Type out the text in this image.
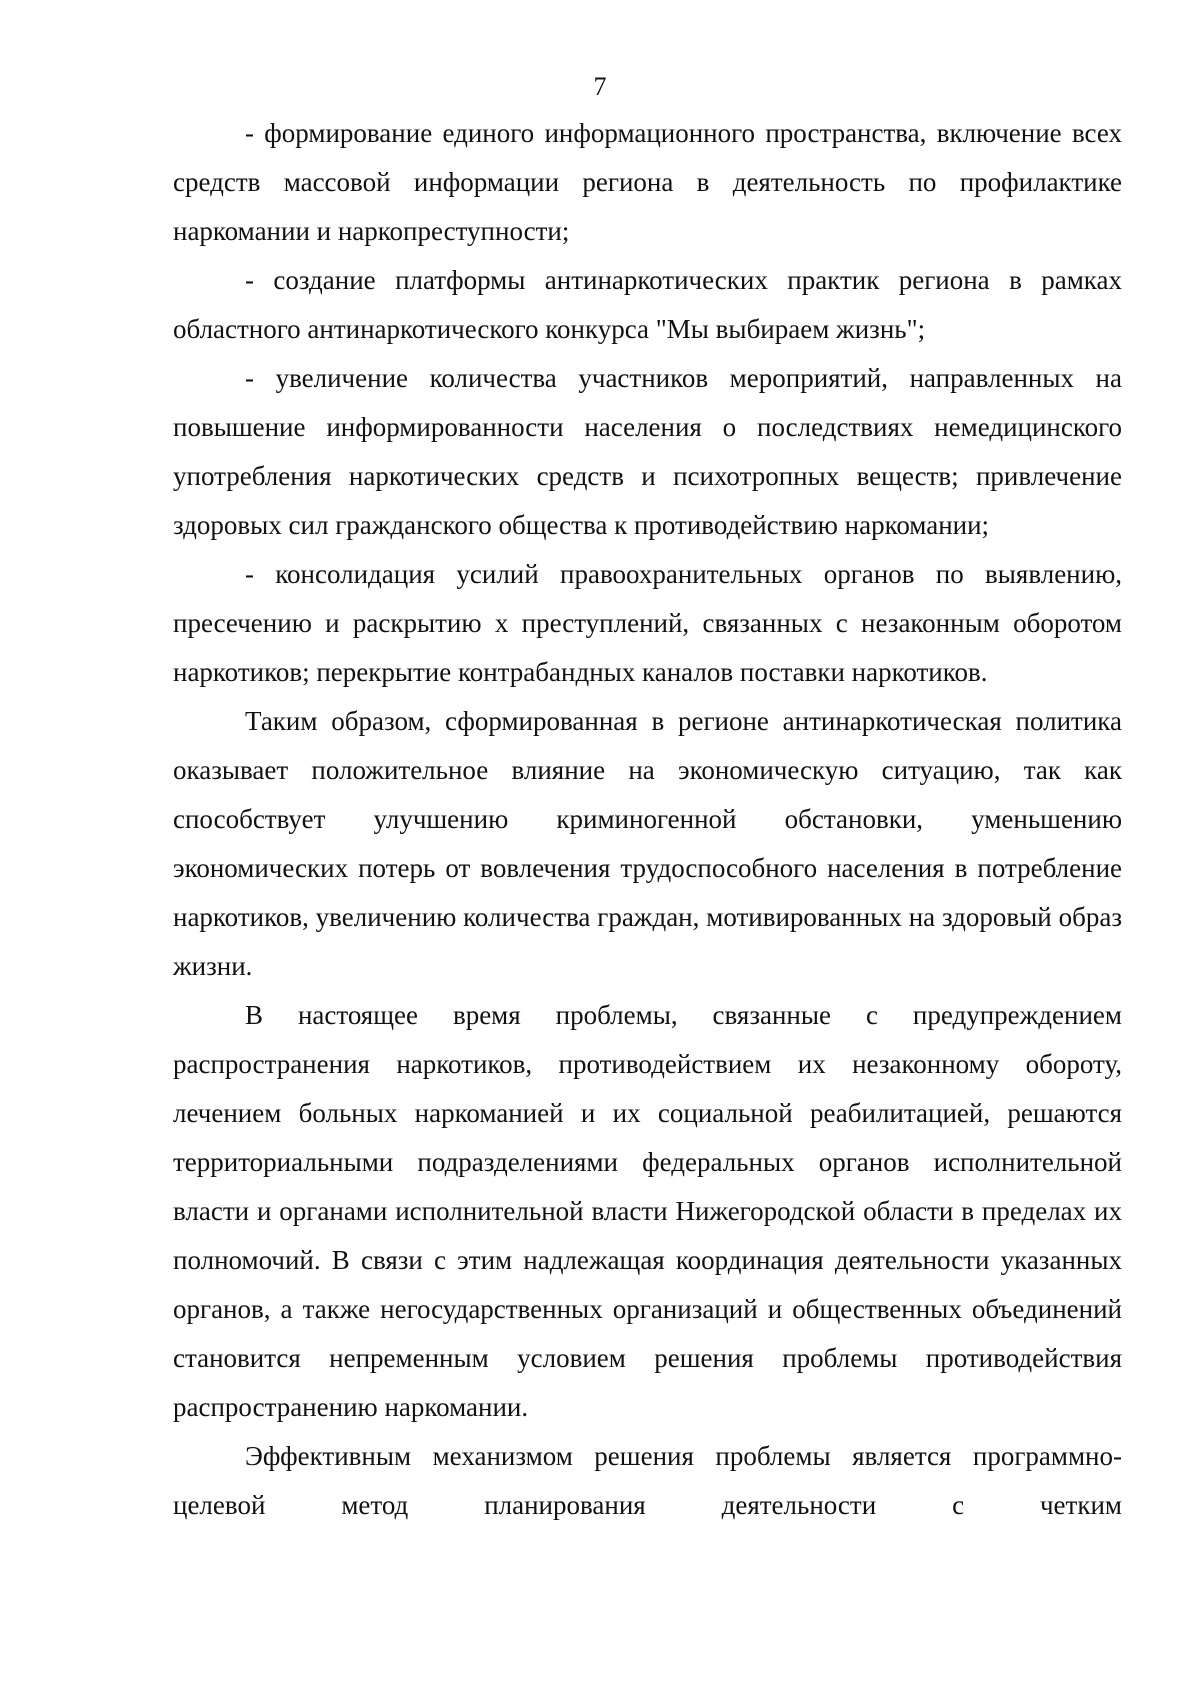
7

- формирование единого информационного пространства, включение всех средств массовой информации региона в деятельность по профилактике наркомании и наркопреступности;

- создание платформы антинаркотических практик региона в рамках областного антинаркотического конкурса "Мы выбираем жизнь";

- увеличение количества участников мероприятий, направленных на повышение информированности населения о последствиях немедицинского употребления наркотических средств и психотропных веществ; привлечение здоровых сил гражданского общества к противодействию наркомании;

- консолидация усилий правоохранительных органов по выявлению, пресечению и раскрытию х преступлений, связанных с незаконным оборотом наркотиков; перекрытие контрабандных каналов поставки наркотиков.

Таким образом, сформированная в регионе антинаркотическая политика оказывает положительное влияние на экономическую ситуацию, так как способствует улучшению криминогенной обстановки, уменьшению экономических потерь от вовлечения трудоспособного населения в потребление наркотиков, увеличению количества граждан, мотивированных на здоровый образ жизни.

В настоящее время проблемы, связанные с предупреждением распространения наркотиков, противодействием их незаконному обороту, лечением больных наркоманией и их социальной реабилитацией, решаются территориальными подразделениями федеральных органов исполнительной власти и органами исполнительной власти Нижегородской области в пределах их полномочий. В связи с этим надлежащая координация деятельности указанных органов, а также негосударственных организаций и общественных объединений становится непременным условием решения проблемы противодействия распространению наркомании.

Эффективным механизмом решения проблемы является программно-целевой метод планирования деятельности с четким
